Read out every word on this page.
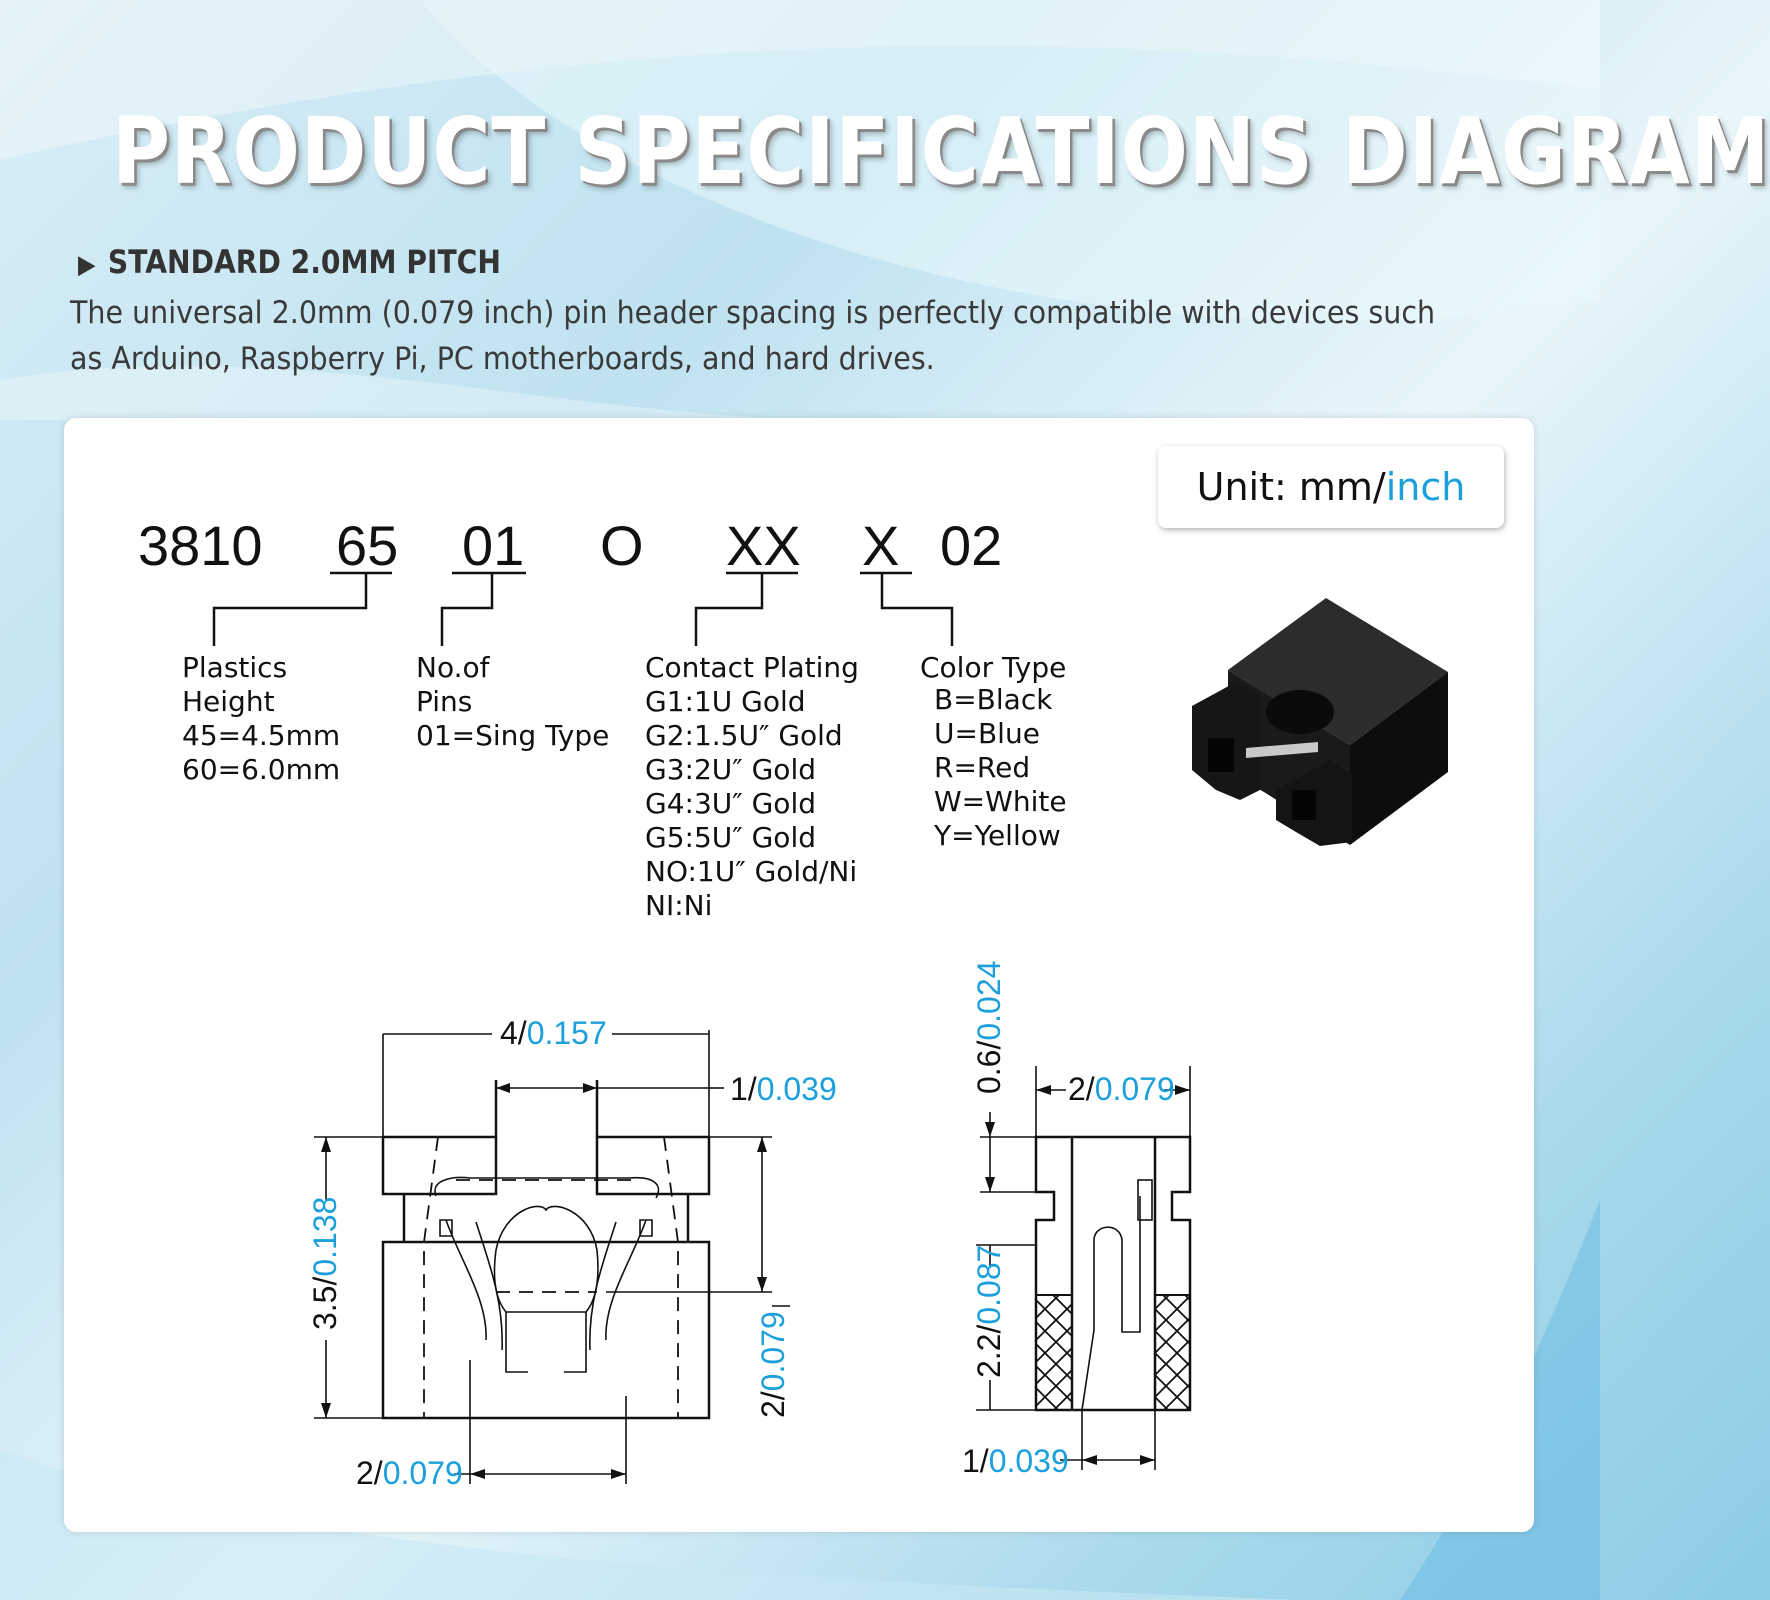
PRODUCT SPECIFICATIONS DIAGRAM
▶ STANDARD 2.0MM PITCH
The universal 2.0mm (0.079 inch) pin header spacing is perfectly compatible with devices such as Arduino, Raspberry Pi, PC motherboards, and hard drives.
Unit: mm/ inch
3810 65 01 O XX X 02
Plastics
Height
45=4.5mm
60=6.0mm
No.of
Pins
01=Sing Type
Contact Plating
G1:1U Gold
G2:1.5U″ Gold
G3:2U″ Gold
G4:3U″ Gold
G5:5U″ Gold
NO:1U″ Gold/Ni
NI:Ni
Color Type
B=Black
U=Blue
R=Red
W=White
Y=Yellow
4/0.157
1/0.039
3.5/0.138
2/0.079
2/0.079
0.6/0.024
2/0.079
2.2/0.087
1/0.039
